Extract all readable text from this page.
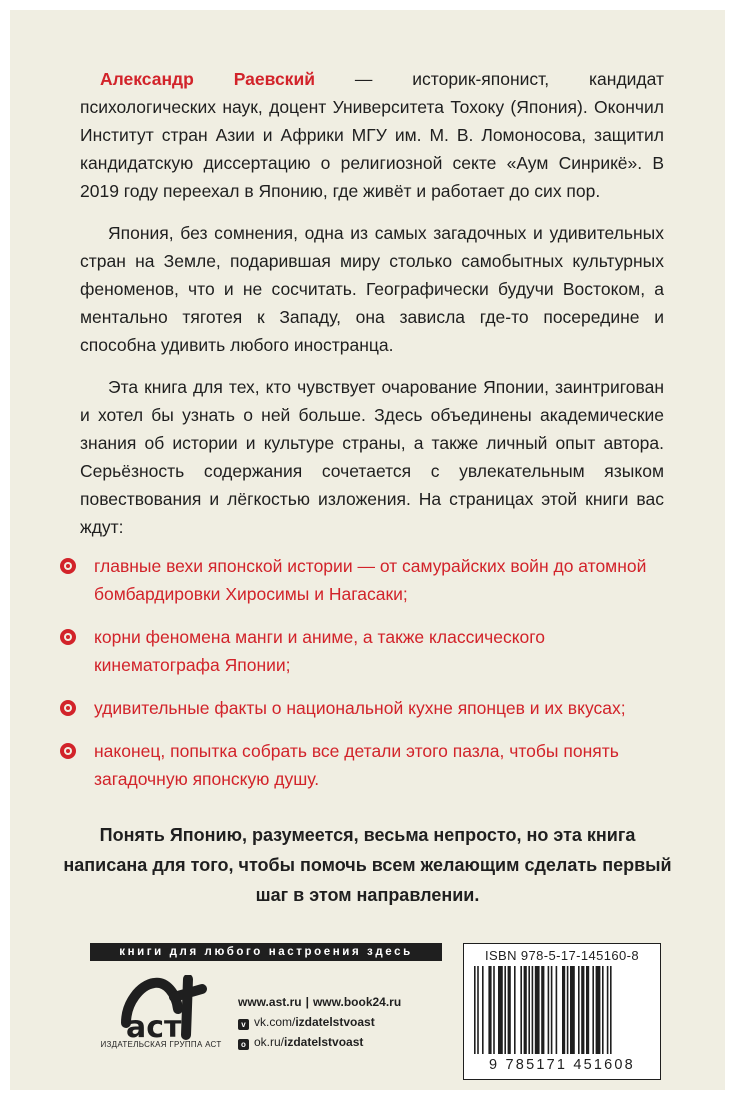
Александр Раевский — историк-японист, кандидат психологических наук, доцент Университета Тохоку (Япония). Окончил Институт стран Азии и Африки МГУ им. М. В. Ломоносова, защитил кандидатскую диссертацию о религиозной секте «Аум Синрикё». В 2019 году переехал в Японию, где живёт и работает до сих пор.

Япония, без сомнения, одна из самых загадочных и удивительных стран на Земле, подарившая миру столько самобытных культурных феноменов, что и не сосчитать. Географически будучи Востоком, а ментально тяготея к Западу, она зависла где-то посередине и способна удивить любого иностранца.

Эта книга для тех, кто чувствует очарование Японии, заинтригован и хотел бы узнать о ней больше. Здесь объединены академические знания об истории и культуре страны, а также личный опыт автора. Серьёзность содержания сочетается с увлекательным языком повествования и лёгкостью изложения. На страницах этой книги вас ждут:

главные вехи японской истории — от самурайских войн до атомной бомбардировки Хиросимы и Нагасаки;
корни феномена манги и аниме, а также классического кинематографа Японии;
удивительные факты о национальной кухне японцев и их вкусах;
наконец, попытка собрать все детали этого пазла, чтобы понять загадочную японскую душу.
Понять Японию, разумеется, весьма непросто, но эта книга написана для того, чтобы помочь всем желающим сделать первый шаг в этом направлении.
книги для любого настроения здесь
аст
ИЗДАТЕЛЬСКАЯ ГРУППА АСТ
www.ast.ru | www.book24.ru
v vk.com/izdatelstvoast
o ok.ru/izdatelstvoast
ISBN 978-5-17-145160-8
9 785171 451608
